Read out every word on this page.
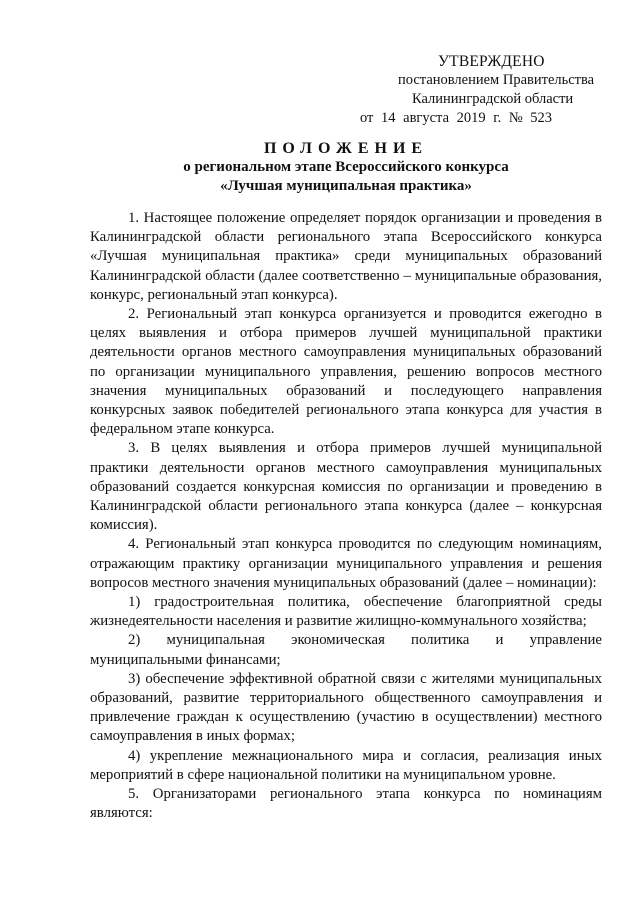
УТВЕРЖДЕНО
постановлением Правительства
Калининградской области
от 14 августа 2019 г. № 523
ПОЛОЖЕНИЕ
о региональном этапе Всероссийского конкурса
«Лучшая муниципальная практика»

1. Настоящее положение определяет порядок организации и проведения в Калининградской области регионального этапа Всероссийского конкурса «Лучшая муниципальная практика» среди муниципальных образований Калининградской области (далее соответственно – муниципальные образования, конкурс, региональный этап конкурса).

2. Региональный этап конкурса организуется и проводится ежегодно в целях выявления и отбора примеров лучшей муниципальной практики деятельности органов местного самоуправления муниципальных образований по организации муниципального управления, решению вопросов местного значения муниципальных образований и последующего направления конкурсных заявок победителей регионального этапа конкурса для участия в федеральном этапе конкурса.

3. В целях выявления и отбора примеров лучшей муниципальной практики деятельности органов местного самоуправления муниципальных образований создается конкурсная комиссия по организации и проведению в Калининградской области регионального этапа конкурса (далее – конкурсная комиссия).

4. Региональный этап конкурса проводится по следующим номинациям, отражающим практику организации муниципального управления и решения вопросов местного значения муниципальных образований (далее – номинации):

1) градостроительная политика, обеспечение благоприятной среды жизнедеятельности населения и развитие жилищно-коммунального хозяйства;

2) муниципальная экономическая политика и управление муниципальными финансами;

3) обеспечение эффективной обратной связи с жителями муниципальных образований, развитие территориального общественного самоуправления и привлечение граждан к осуществлению (участию в осуществлении) местного самоуправления в иных формах;

4) укрепление межнационального мира и согласия, реализация иных мероприятий в сфере национальной политики на муниципальном уровне.

5. Организаторами регионального этапа конкурса по номинациям являются:
